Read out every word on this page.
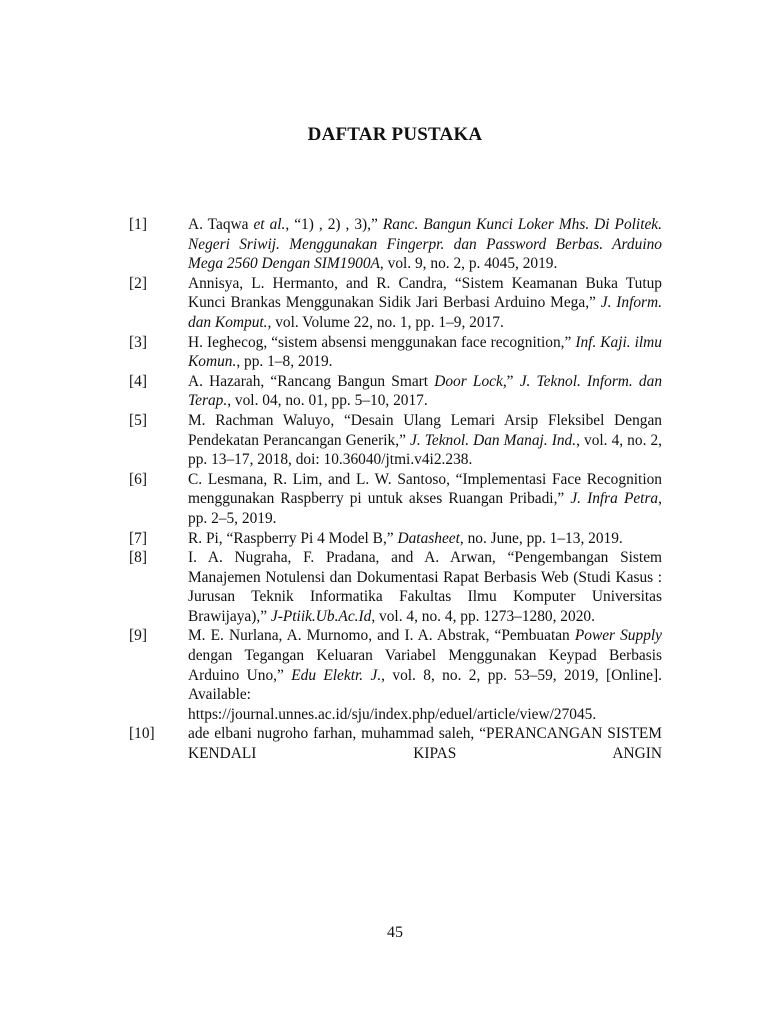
DAFTAR PUSTAKA
[1]	A. Taqwa et al., “1) , 2) , 3),” Ranc. Bangun Kunci Loker Mhs. Di Politek. Negeri Sriwij. Menggunakan Fingerpr. dan Password Berbas. Arduino Mega 2560 Dengan SIM1900A, vol. 9, no. 2, p. 4045, 2019.
[2]	Annisya, L. Hermanto, and R. Candra, “Sistem Keamanan Buka Tutup Kunci Brankas Menggunakan Sidik Jari Berbasi Arduino Mega,” J. Inform. dan Komput., vol. Volume 22, no. 1, pp. 1–9, 2017.
[3]	H. Ieghecog, “sistem absensi menggunakan face recognition,” Inf. Kaji. ilmu Komun., pp. 1–8, 2019.
[4]	A. Hazarah, “Rancang Bangun Smart Door Lock,” J. Teknol. Inform. dan Terap., vol. 04, no. 01, pp. 5–10, 2017.
[5]	M. Rachman Waluyo, “Desain Ulang Lemari Arsip Fleksibel Dengan Pendekatan Perancangan Generik,” J. Teknol. Dan Manaj. Ind., vol. 4, no. 2, pp. 13–17, 2018, doi: 10.36040/jtmi.v4i2.238.
[6]	C. Lesmana, R. Lim, and L. W. Santoso, “Implementasi Face Recognition menggunakan Raspberry pi untuk akses Ruangan Pribadi,” J. Infra Petra, pp. 2–5, 2019.
[7]	R. Pi, “Raspberry Pi 4 Model B,” Datasheet, no. June, pp. 1–13, 2019.
[8]	I. A. Nugraha, F. Pradana, and A. Arwan, “Pengembangan Sistem Manajemen Notulensi dan Dokumentasi Rapat Berbasis Web (Studi Kasus : Jurusan Teknik Informatika Fakultas Ilmu Komputer Universitas Brawijaya),” J-Ptiik.Ub.Ac.Id, vol. 4, no. 4, pp. 1273–1280, 2020.
[9]	M. E. Nurlana, A. Murnomo, and I. A. Abstrak, “Pembuatan Power Supply dengan Tegangan Keluaran Variabel Menggunakan Keypad Berbasis Arduino Uno,” Edu Elektr. J., vol. 8, no. 2, pp. 53–59, 2019, [Online]. Available: https://journal.unnes.ac.id/sju/index.php/eduel/article/view/27045.
[10]	ade elbani nugroho farhan, muhammad saleh, “PERANCANGAN SISTEM KENDALI KIPAS ANGIN
45
